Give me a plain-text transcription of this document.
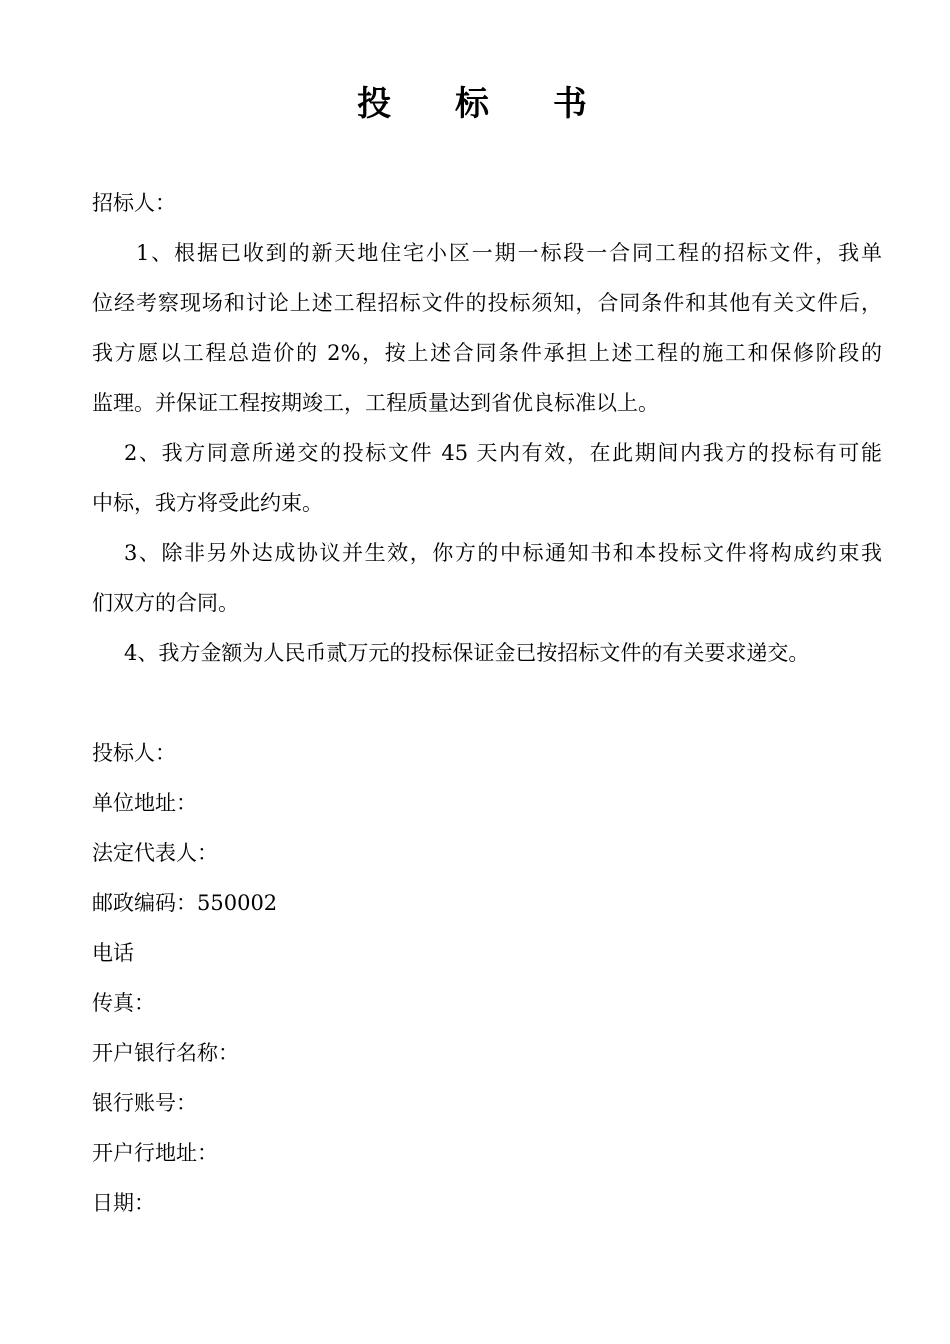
投 标 书
招标人：
1、根据已收到的新天地住宅小区一期一标段一合同工程的招标文件，我单
位经考察现场和讨论上述工程招标文件的投标须知，合同条件和其他有关文件后，
我方愿以工程总造价的 2%，按上述合同条件承担上述工程的施工和保修阶段的
监理。并保证工程按期竣工，工程质量达到省优良标准以上。
2、我方同意所递交的投标文件 45 天内有效，在此期间内我方的投标有可能
中标，我方将受此约束。
3、除非另外达成协议并生效，你方的中标通知书和本投标文件将构成约束我
们双方的合同。
4、我方金额为人民币贰万元的投标保证金已按招标文件的有关要求递交。
投标人：
单位地址：
法定代表人：
邮政编码：550002
电话
传真：
开户银行名称：
银行账号：
开户行地址：
日期：
